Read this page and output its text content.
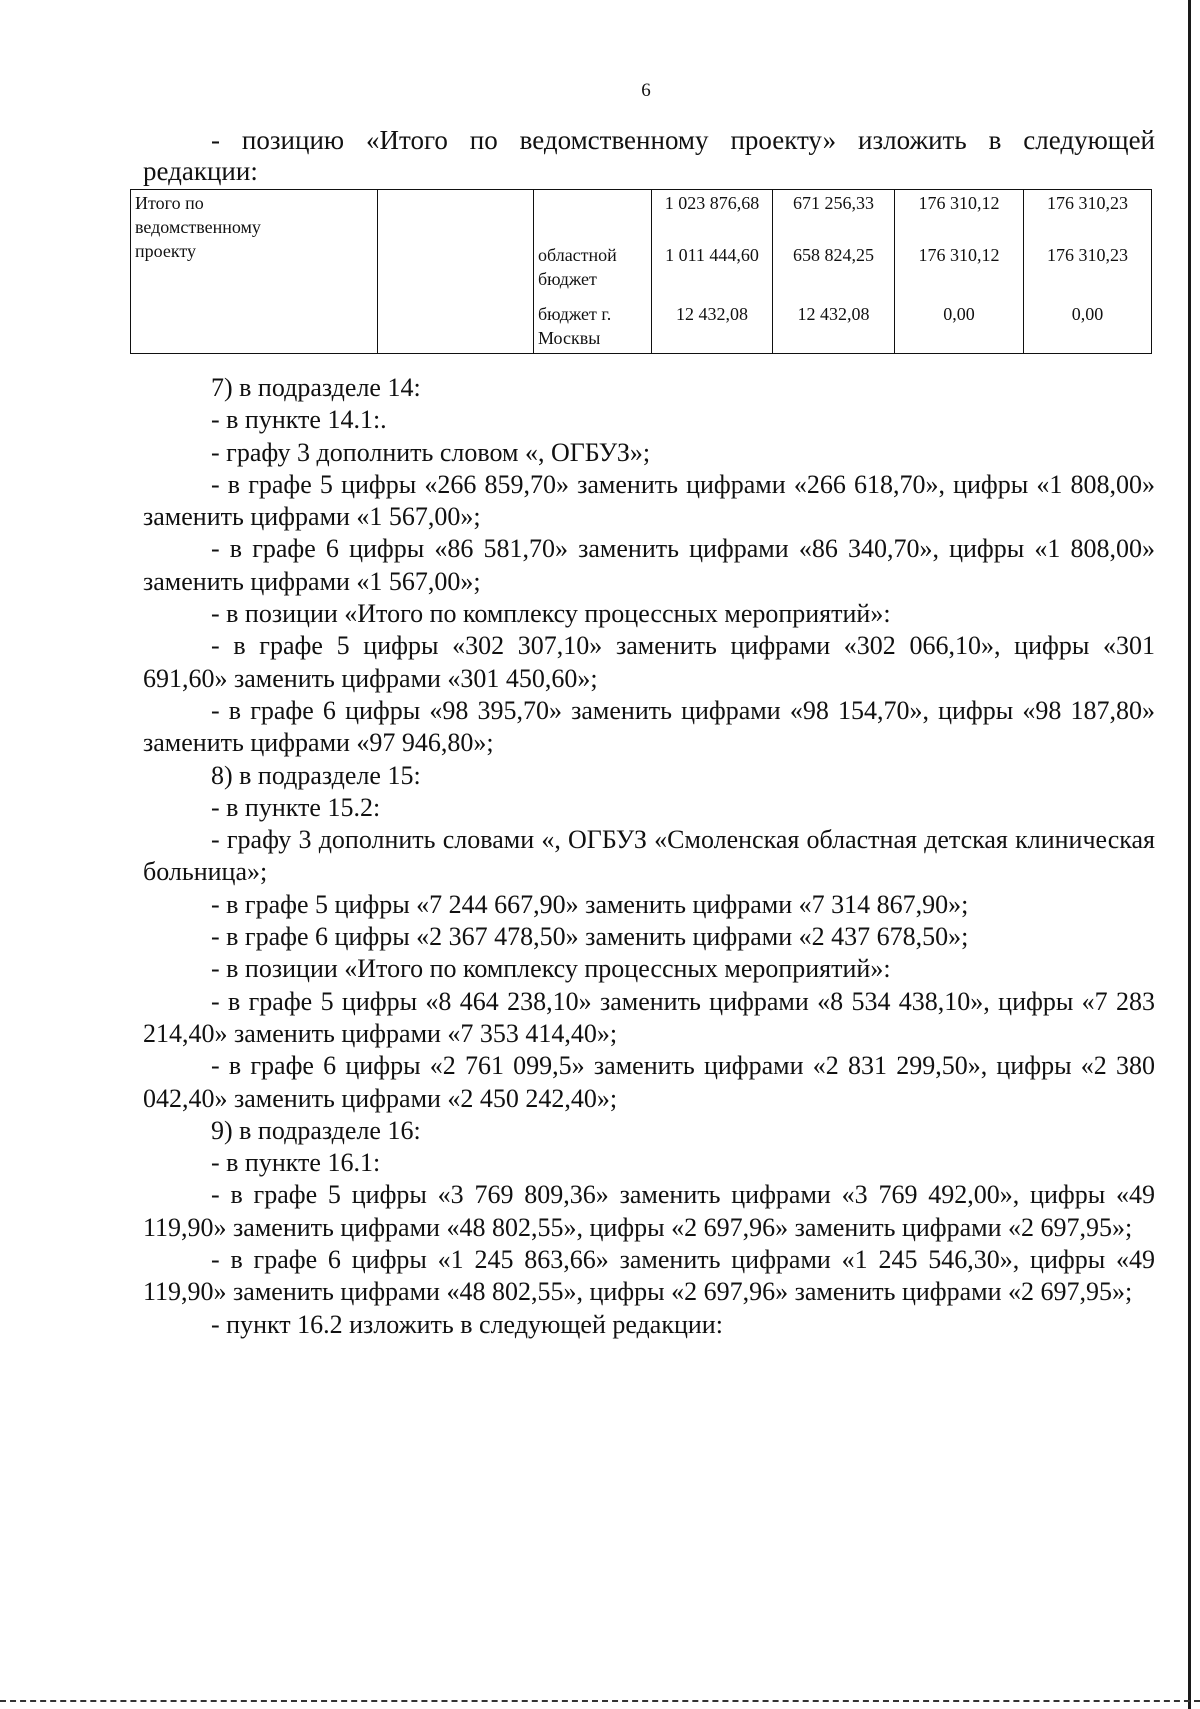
6
- позицию «Итого по ведомственному проекту» изложить в следующей
редакции:
Итого по
ведомственному
проекту			1 023 876,68	671 256,33	176 310,12	176 310,23
		областной бюджет	1 011 444,60	658 824,25	176 310,12	176 310,23
		бюджет г. Москвы	12 432,08	12 432,08	0,00	0,00

7) в подразделе 14:

- в пункте 14.1:.

- графу 3 дополнить словом «, ОГБУЗ»;

- в графе 5 цифры «266 859,70» заменить цифрами «266 618,70», цифры «1 808,00» заменить цифрами «1 567,00»;

- в графе 6 цифры «86 581,70» заменить цифрами «86 340,70», цифры «1 808,00» заменить цифрами «1 567,00»;

- в позиции «Итого по комплексу процессных мероприятий»:

- в графе 5 цифры «302 307,10» заменить цифрами «302 066,10», цифры «301 691,60» заменить цифрами «301 450,60»;

- в графе 6 цифры «98 395,70» заменить цифрами «98 154,70», цифры «98 187,80» заменить цифрами «97 946,80»;

8) в подразделе 15:

- в пункте 15.2:

- графу 3 дополнить словами «, ОГБУЗ «Смоленская областная детская клиническая больница»;

- в графе 5 цифры «7 244 667,90» заменить цифрами «7 314 867,90»;

- в графе 6 цифры «2 367 478,50» заменить цифрами «2 437 678,50»;

- в позиции «Итого по комплексу процессных мероприятий»:

- в графе 5 цифры «8 464 238,10» заменить цифрами «8 534 438,10», цифры «7 283 214,40» заменить цифрами «7 353 414,40»;

- в графе 6 цифры «2 761 099,5» заменить цифрами «2 831 299,50», цифры «2 380 042,40» заменить цифрами «2 450 242,40»;

9) в подразделе 16:

- в пункте 16.1:

- в графе 5 цифры «3 769 809,36» заменить цифрами «3 769 492,00», цифры «49 119,90» заменить цифрами «48 802,55», цифры «2 697,96» заменить цифрами «2 697,95»;

- в графе 6 цифры «1 245 863,66» заменить цифрами «1 245 546,30», цифры «49 119,90» заменить цифрами «48 802,55», цифры «2 697,96» заменить цифрами «2 697,95»;

- пункт 16.2 изложить в следующей редакции:
